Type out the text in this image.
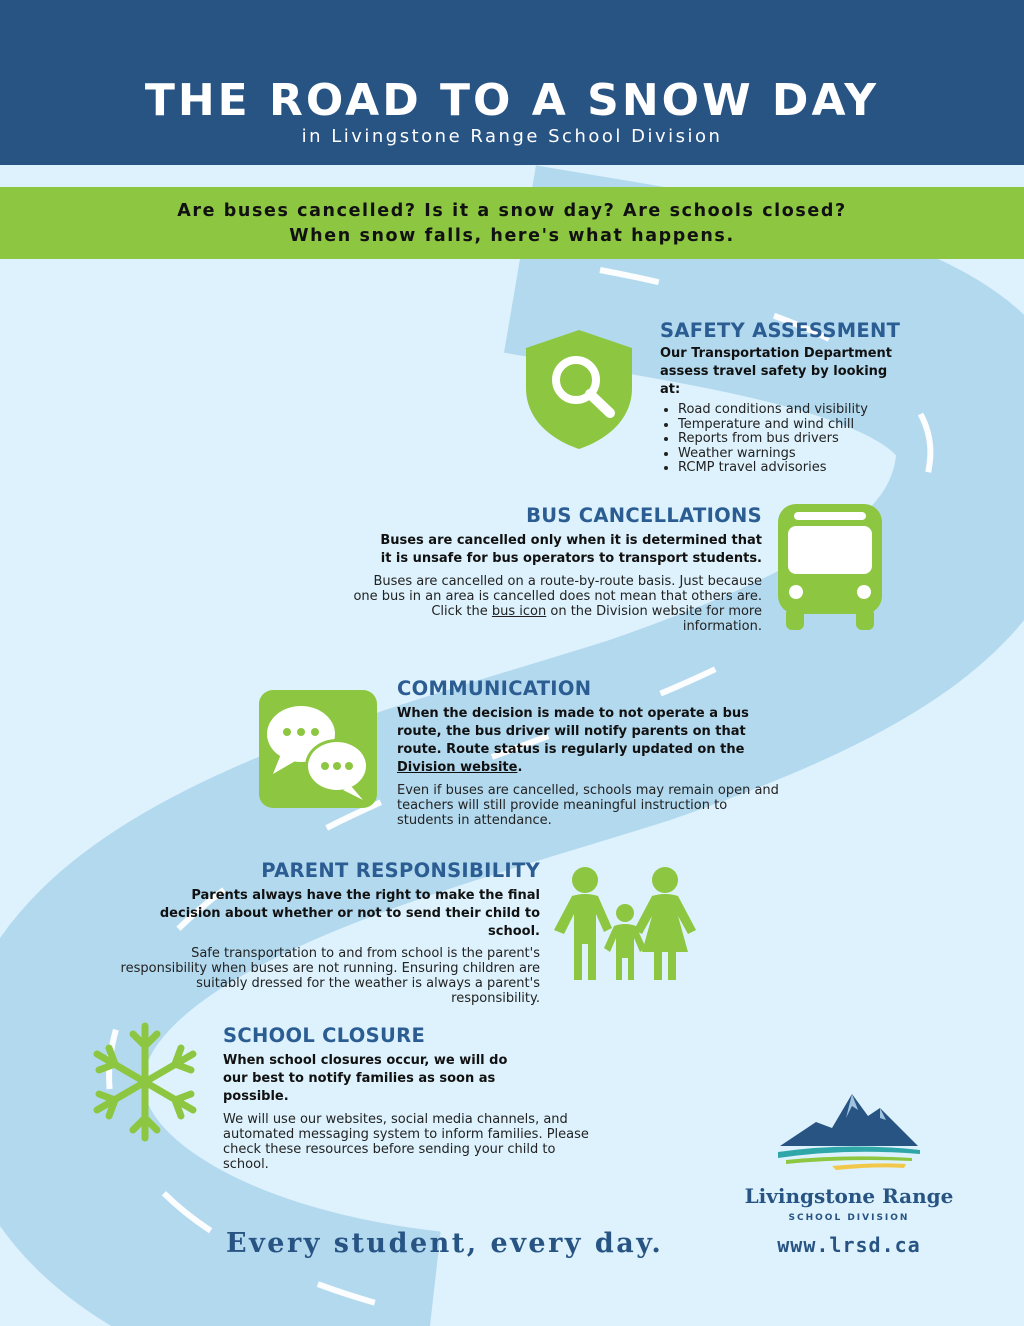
THE ROAD TO A SNOW DAY
in Livingstone Range School Division
Are buses cancelled? Is it a snow day? Are schools closed?
When snow falls, here's what happens.
SAFETY ASSESSMENT
Our Transportation Department assess travel safety by looking at:
• Road conditions and visibility
• Temperature and wind chill
• Reports from bus drivers
• Weather warnings
• RCMP travel advisories
BUS CANCELLATIONS
Buses are cancelled only when it is determined that it is unsafe for bus operators to transport students.
Buses are cancelled on a route-by-route basis. Just because one bus in an area is cancelled does not mean that others are. Click the bus icon on the Division website for more information.
COMMUNICATION
When the decision is made to not operate a bus route, the bus driver will notify parents on that route. Route status is regularly updated on the Division website.
Even if buses are cancelled, schools may remain open and teachers will still provide meaningful instruction to students in attendance.
PARENT RESPONSIBILITY
Parents always have the right to make the final decision about whether or not to send their child to school.
Safe transportation to and from school is the parent's responsibility when buses are not running. Ensuring children are suitably dressed for the weather is always a parent's responsibility.
SCHOOL CLOSURE
When school closures occur, we will do our best to notify families as soon as possible.
We will use our websites, social media channels, and automated messaging system to inform families. Please check these resources before sending your child to school.
Every student, every day.
Livingstone Range
SCHOOL DIVISION
www.lrsd.ca
